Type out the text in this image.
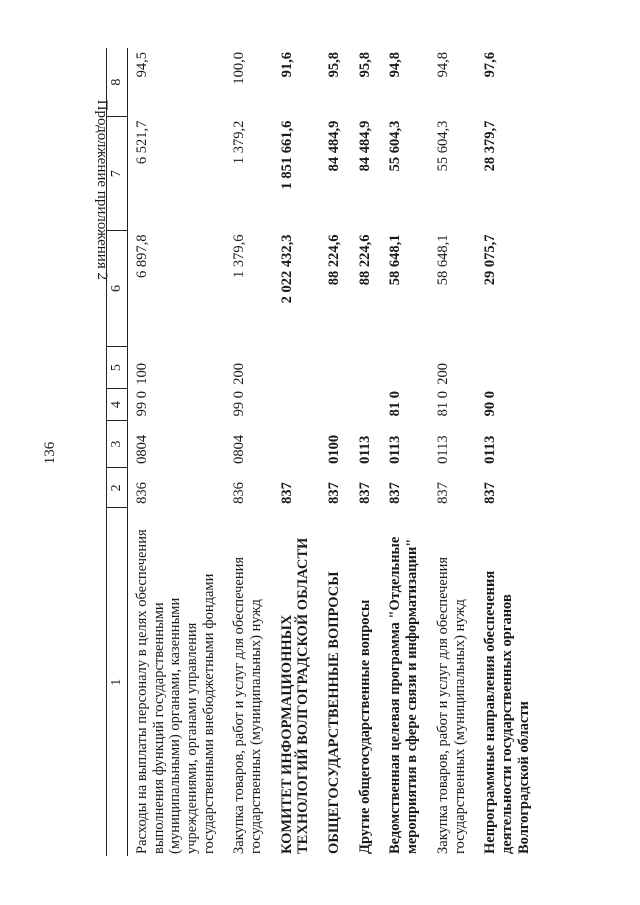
136
Продолжение приложения 2
1	2	3	4	5	6	7	8
Расходы на выплаты персоналу в целях обеспечения выполнения функций государственными (муниципальными) органами, казенными учреждениями, органами управления государственными внебюджетными фондами	836	0804	99 0	100	6 897,8	6 521,7	94,5
Закупка товаров, работ и услуг для обеспечения государственных (муниципальных) нужд	836	0804	99 0	200	1 379,6	1 379,2	100,0
КОМИТЕТ ИНФОРМАЦИОННЫХ ТЕХНОЛОГИЙ ВОЛГОГРАДСКОЙ ОБЛАСТИ	837				2 022 432,3	1 851 661,6	91,6
ОБЩЕГОСУДАРСТВЕННЫЕ ВОПРОСЫ	837	0100			88 224,6	84 484,9	95,8
Другие общегосударственные вопросы	837	0113			88 224,6	84 484,9	95,8
Ведомственная целевая программа "Отдельные мероприятия в сфере связи и информатизации"	837	0113	81 0		58 648,1	55 604,3	94,8
Закупка товаров, работ и услуг для обеспечения государственных (муниципальных) нужд	837	0113	81 0	200	58 648,1	55 604,3	94,8
Непрограммные направления обеспечения деятельности государственных органов Волгоградской области	837	0113	90 0		29 075,7	28 379,7	97,6
